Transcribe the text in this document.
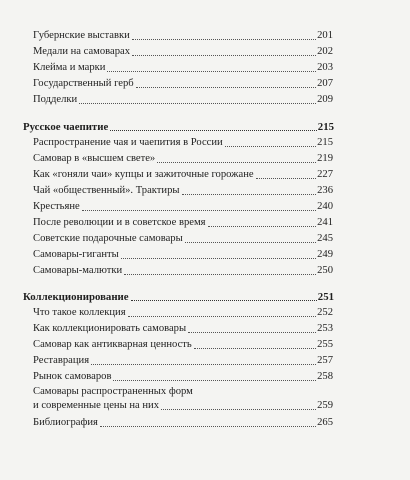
Губернские выставки	201
Медали на самоварах	202
Клейма и марки	203
Государственный герб	207
Подделки	209
Русское чаепитие	215
Распространение чая и чаепития в России	215
Самовар в «высшем свете»	219
Как «гоняли чаи» купцы и зажиточные горожане	227
Чай «общественный». Трактиры	236
Крестьяне	240
После революции и в советское время	241
Советские подарочные самовары	245
Самовары-гиганты	249
Самовары-малютки	250
Коллекционирование	251
Что такое коллекция	252
Как коллекционировать самовары	253
Самовар как антикварная ценность	255
Реставрация	257
Рынок самоваров	258
Самовары распространенных форм
и современные цены на них	259
Библиография	265
